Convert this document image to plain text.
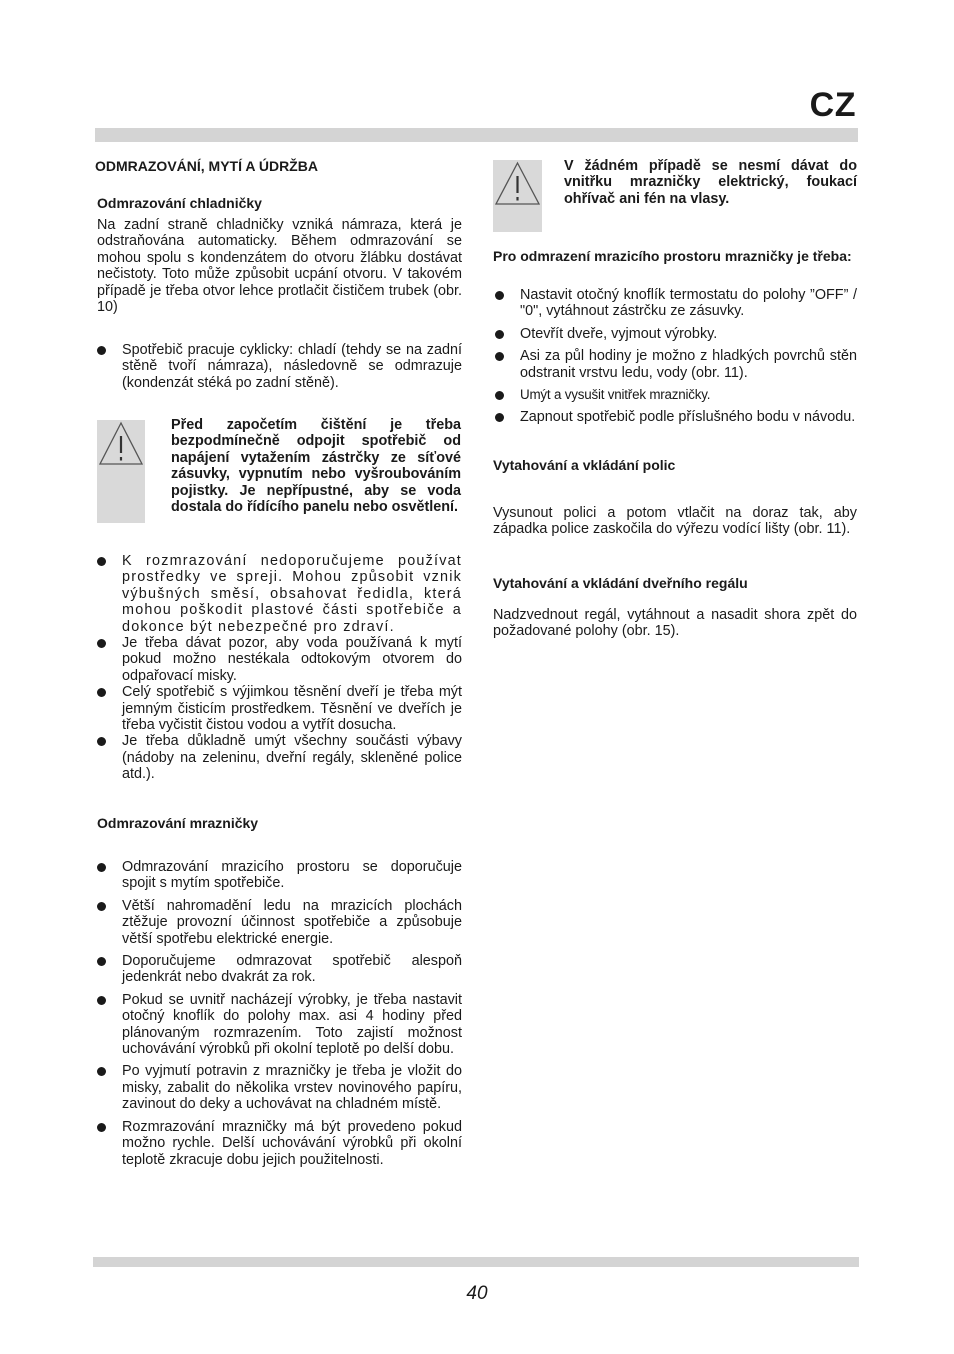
CZ
ODMRAZOVÁNÍ, MYTÍ A ÚDRŽBA
Odmrazování chladničky
Na zadní straně chladničky vzniká námraza, která je odstraňována automaticky. Během odmrazování se mohou spolu s kondenzátem do otvoru žlábku dostávat nečistoty. Toto může způsobit ucpání otvoru. V takovém případě je třeba otvor lehce protlačit čističem trubek (obr. 10)
Spotřebič pracuje cyklicky: chladí (tehdy se na zadní stěně tvoří námraza), následovně se odmrazuje (kondenzát stéká po zadní stěně).
Před započetím čištění je třeba bezpodmínečně odpojit spotřebič od napájení vytažením zástrčky ze síťové zásuvky, vypnutím nebo vyšroubováním pojistky. Je nepřípustné, aby se voda dostala do řídícího panelu nebo osvětlení.
K rozmrazování nedoporučujeme používat prostředky ve spreji. Mohou způsobit vznik výbušných směsí, obsahovat ředidla, která mohou poškodit plastové části spotřebiče a dokonce být nebezpečné pro zdraví.
Je třeba dávat pozor, aby voda používaná k mytí pokud možno nestékala odtokovým otvorem do odpařovací misky.
Celý spotřebič s výjimkou těsnění dveří je třeba mýt jemným čisticím prostředkem. Těsnění ve dveřích je třeba vyčistit čistou vodou a vytřít dosucha.
Je třeba důkladně umýt všechny součásti výbavy (nádoby na zeleninu, dveřní regály, skleněné police atd.).
Odmrazování mrazničky
Odmrazování mrazicího prostoru se doporučuje spojit s mytím spotřebiče.
Větší nahromadění ledu na mrazicích plochách ztěžuje provozní účinnost spotřebiče a způsobuje větší spotřebu elektrické energie.
Doporučujeme odmrazovat spotřebič alespoň jedenkrát nebo dvakrát za rok.
Pokud se uvnitř nacházejí výrobky, je třeba nastavit otočný knoflík do polohy max. asi 4 hodiny před plánovaným rozmrazením. Toto zajistí možnost uchovávání výrobků při okolní teplotě po delší dobu.
Po vyjmutí potravin z mrazničky je třeba je vložit do misky, zabalit do několika vrstev novinového papíru, zavinout do deky a uchovávat na chladném místě.
Rozmrazování mrazničky má být provedeno pokud možno rychle. Delší uchovávání výrobků při okolní teplotě zkracuje dobu jejich použitelnosti.
V žádném případě se nesmí dávat do vnitřku mrazničky elektrický, foukací ohřívač ani fén na vlasy.
Pro odmrazení mrazicího prostoru mrazničky je třeba:
Nastavit otočný knoflík termostatu do polohy ”OFF” / "0", vytáhnout zástrčku ze zásuvky.
Otevřít dveře, vyjmout výrobky.
Asi za půl hodiny je možno z hladkých povrchů stěn odstranit vrstvu ledu, vody (obr. 11).
Umýt a vysušit vnitřek mrazničky.
Zapnout spotřebič podle příslušného bodu v návodu.
Vytahování a vkládání polic
Vysunout polici a potom vtlačit na doraz tak, aby západka police zaskočila do výřezu vodící lišty (obr. 11).
Vytahování a vkládání dveřního regálu
Nadzvednout regál, vytáhnout a nasadit shora zpět do požadované polohy (obr. 15).
40
